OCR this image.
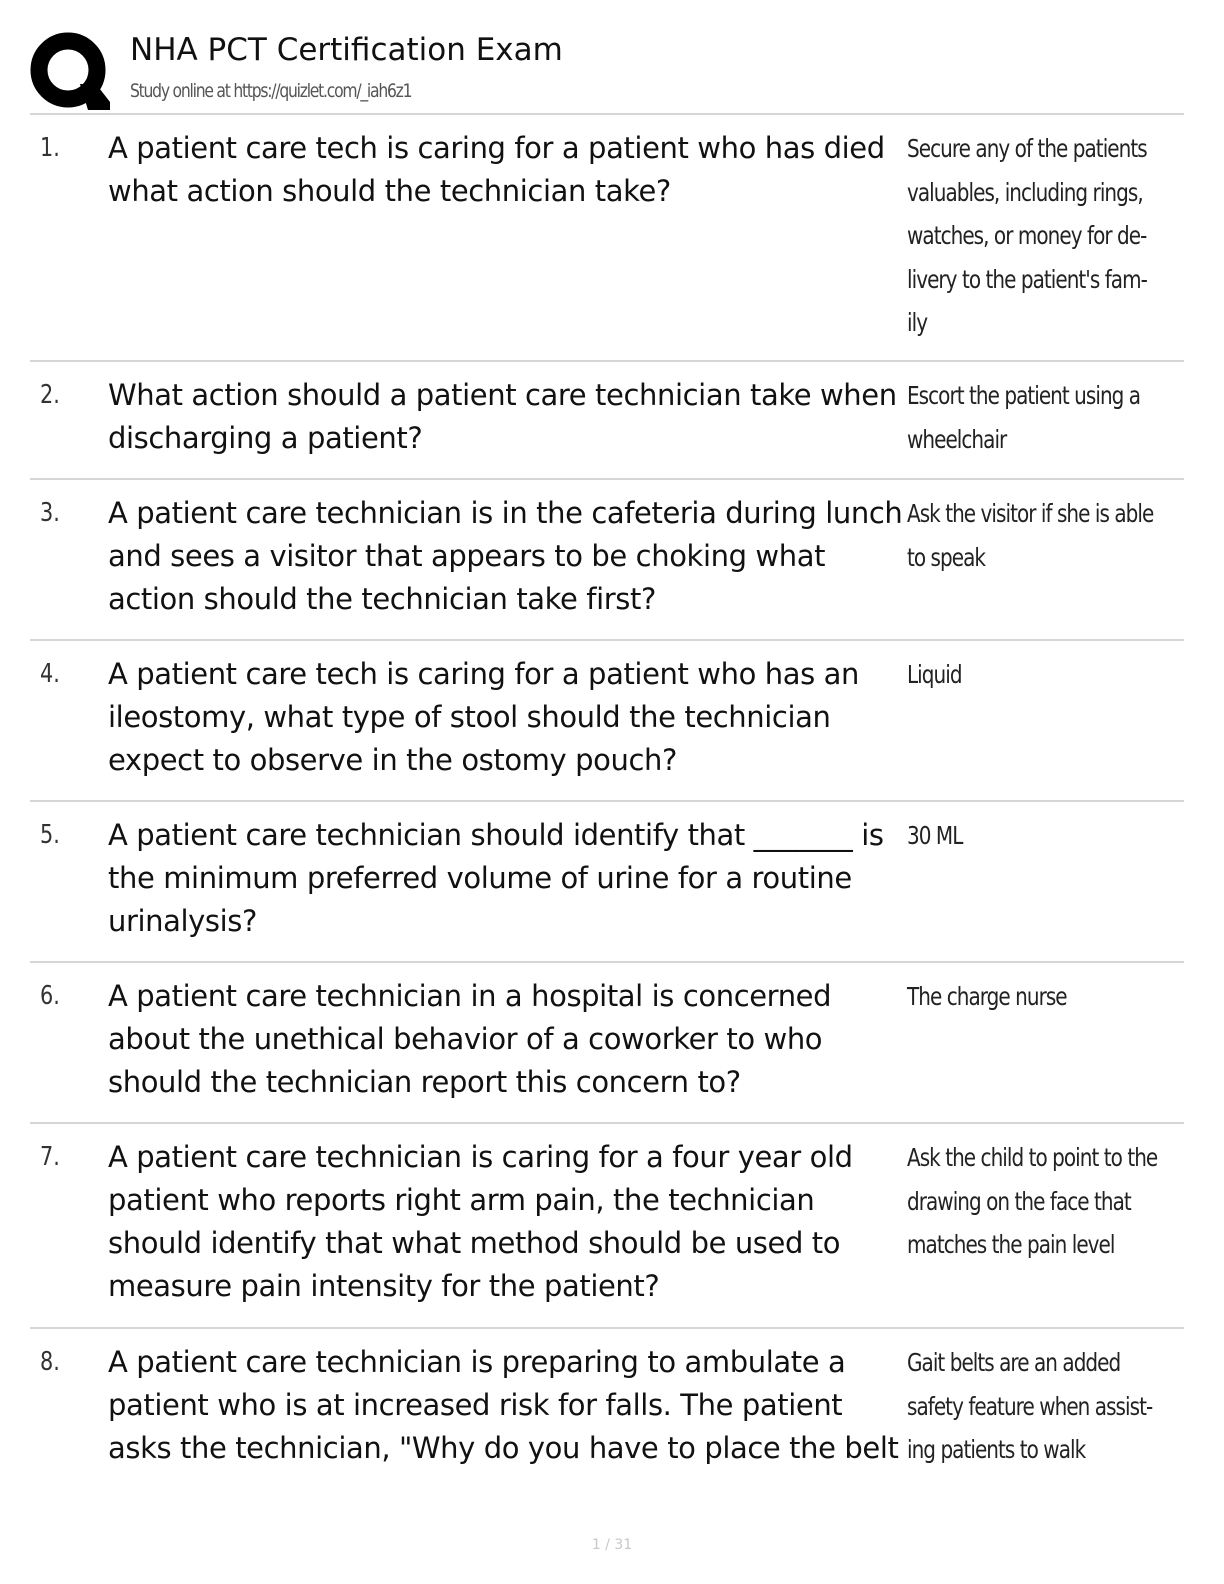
NHA PCT Certification Exam
Study online at https://quizlet.com/_iah6z1
1. A patient care tech is caring for a patient who has died what action should the technician take?
Secure any of the patients valuables, including rings, watches, or money for de- livery to the patient's fam- ily
2. What action should a patient care technician take when discharging a patient?
Escort the patient using a wheelchair
3. A patient care technician is in the cafeteria during lunch and sees a visitor that appears to be choking what action should the technician take first?
Ask the visitor if she is able to speak
4. A patient care tech is caring for a patient who has an ileostomy, what type of stool should the technician expect to observe in the ostomy pouch?
Liquid
5. A patient care technician should identify that _______ is the minimum preferred volume of urine for a routine urinalysis?
30 ML
6. A patient care technician in a hospital is concerned about the unethical behavior of a coworker to who should the technician report this concern to?
The charge nurse
7. A patient care technician is caring for a four year old patient who reports right arm pain, the technician should identify that what method should be used to measure pain intensity for the patient?
Ask the child to point to the drawing on the face that matches the pain level
8. A patient care technician is preparing to ambulate a patient who is at increased risk for falls. The patient asks the technician, "Why do you have to place the belt
Gait belts are an added safety feature when assist- ing patients to walk
1 / 31
